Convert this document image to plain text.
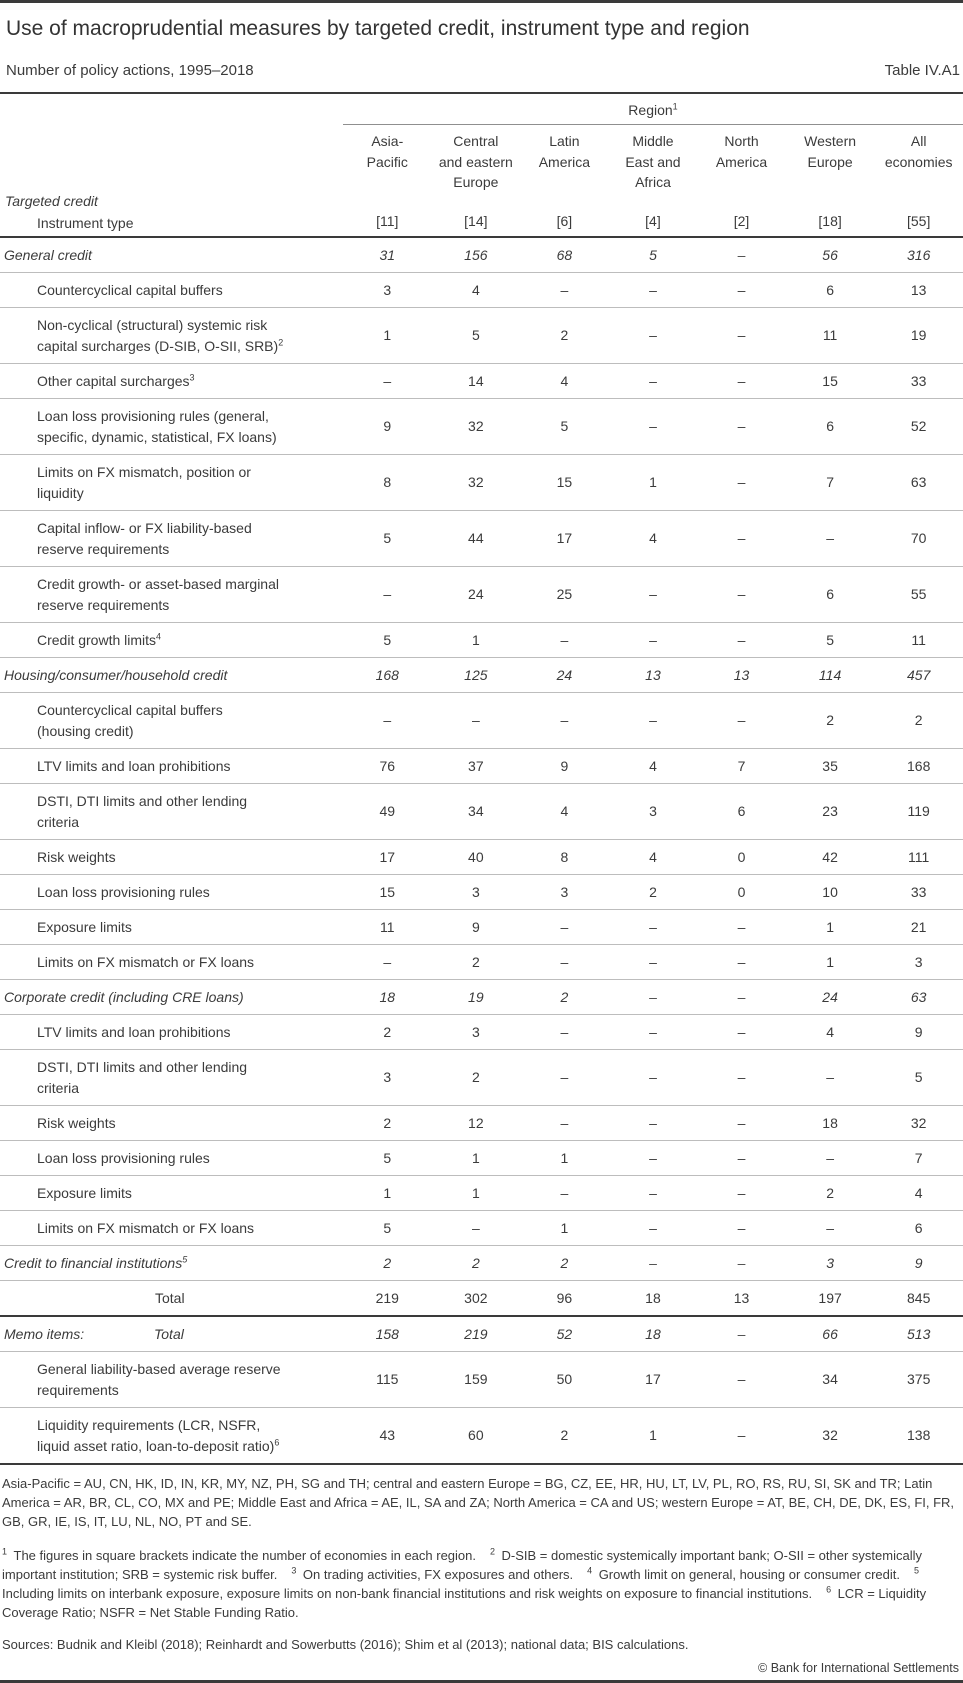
Use of macroprudential measures by targeted credit, instrument type and region
Number of policy actions, 1995–2018	Table IV.A1
	Region$^1$

Targeted credit
Instrument type

Asia-
Pacific
[11]

Central
and eastern
Europe
[14]

Latin
America
[6]

Middle
East and
Africa
[4]

North
America
[2]

Western
Europe
[18]

All
economies
[55]

General credit	31	156	68	5	–	56	316

Countercyclical capital buffers	3	4	–	–	–	6	13

Non-cyclical (structural) systemic risk
capital surcharges (D-SIB, O-SII, SRB)$^2$	1	5	2	–	–	11	19

Other capital surcharges$^3$	–	14	4	–	–	15	33

Loan loss provisioning rules (general,
specific, dynamic, statistical, FX loans)	9	32	5	–	–	6	52

Limits on FX mismatch, position or
liquidity	8	32	15	1	–	7	63

Capital inflow- or FX liability-based
reserve requirements	5	44	17	4	–	–	70

Credit growth- or asset-based marginal
reserve requirements	–	24	25	–	–	6	55

Credit growth limits$^4$	5	1	–	–	–	5	11

Housing/consumer/household credit	168	125	24	13	13	114	457

Countercyclical capital buffers
(housing credit)	–	–	–	–	–	2	2

LTV limits and loan prohibitions	76	37	9	4	7	35	168

DSTI, DTI limits and other lending
criteria	49	34	4	3	6	23	119

Risk weights	17	40	8	4	0	42	111

Loan loss provisioning rules	15	3	3	2	0	10	33

Exposure limits	11	9	–	–	–	1	21

Limits on FX mismatch or FX loans	–	2	–	–	–	1	3

Corporate credit (including CRE loans)	18	19	2	–	–	24	63

LTV limits and loan prohibitions	2	3	–	–	–	4	9

DSTI, DTI limits and other lending
criteria	3	2	–	–	–	–	5

Risk weights	2	12	–	–	–	18	32

Loan loss provisioning rules	5	1	1	–	–	–	7

Exposure limits	1	1	–	–	–	2	4

Limits on FX mismatch or FX loans	5	–	1	–	–	–	6

Credit to financial institutions$^5$	2	2	2	–	–	3	9

Total	219	302	96	18	13	197	845
Memo items: Total	158	219	52	18	–	66	513

General liability-based average reserve
requirements	115	159	50	17	–	34	375

Liquidity requirements (LCR, NSFR,
liquid asset ratio, loan-to-deposit ratio)$^6$	43	60	2	1	–	32	138

Asia-Pacific = AU, CN, HK, ID, IN, KR, MY, NZ, PH, SG and TH; central and eastern Europe = BG, CZ, EE, HR, HU, LT, LV, PL, RO, RS, RU, SI, SK and TR; Latin America = AR, BR, CL, CO, MX and PE; Middle East and Africa = AE, IL, SA and ZA; North America = CA and US; western Europe = AT, BE, CH, DE, DK, ES, FI, FR, GB, GR, IE, IS, IT, LU, NL, NO, PT and SE.

$^1$ The figures in square brackets indicate the number of economies in each region. $^2$ D-SIB = domestic systemically important bank; O-SII = other systemically important institution; SRB = systemic risk buffer. $^3$ On trading activities, FX exposures and others. $^4$ Growth limit on general, housing or consumer credit. $^5$ Including limits on interbank exposure, exposure limits on non-bank financial institutions and risk weights on exposure to financial institutions. $^6$ LCR = Liquidity Coverage Ratio; NSFR = Net Stable Funding Ratio.

Sources: Budnik and Kleibl (2018); Reinhardt and Sowerbutts (2016); Shim et al (2013); national data; BIS calculations.

© Bank for International Settlements
